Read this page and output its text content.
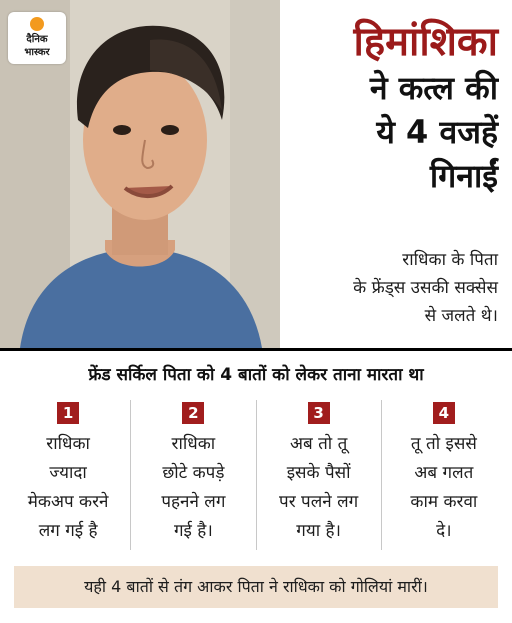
दैनिक
भास्कर	हिमांशिका
ने कत्ल की
ये 4 वजहें
गिनाईं
राधिका के पिता
के फ्रेंड्स उसकी सक्सेस
से जलते थे।
फ्रेंड सर्किल पिता को 4 बातों को लेकर ताना मारता था
1
राधिका
ज्यादा
मेकअप करने
लग गई है
2
राधिका
छोटे कपड़े
पहनने लग
गई है।
3
अब तो तू
इसके पैसों
पर पलने लग
गया है।
4
तू तो इससे
अब गलत
काम करवा
दे।
यही 4 बातों से तंग आकर पिता ने राधिका को गोलियां मारीं।
